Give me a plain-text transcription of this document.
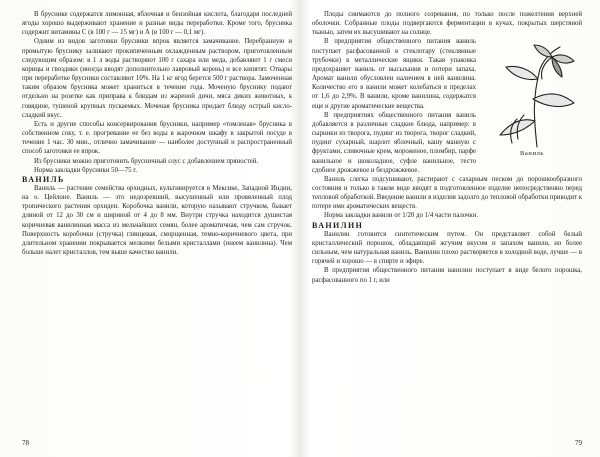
В бруснике содержатся лимонная, яблочная и бензойная кислота, благодаря последней ягоды хорошо выдерживают хранение и разные виды переработки. Кроме того, брусника содержит витамины С (в 100 г — 15 мг) и А (в 100 г — 0,1 мг).

Одним из видов заготовки брусники впрок является замачивание. Перебранную и промытую бруснику заливают прокипяченным охлажденным раствором, приготовленным следующим образом: в 1 л воды растворяют 100 г сахара или меда, добавляют 1 г смеси корицы и гвоздики (иногда вводят дополнительно лавровый корень) и все кипятят. Отвары при переработке брусники составляют 10%. На 1 кг ягод берется 500 г раствора. Замоченная таким образом брусника может храниться в течение года. Моченую бруснику подают отдельно на розетке как приправа к блюдам из жареной дичи, мяса диких животных, к говядине, тушеной крупных пускаемых. Моченая брусника придает блюду острый кисло-сладкий вкус.

Есть и другие способы консервирования брусники, например «томленая» брусника в собственном соку, т. е. прогревание ее без воды в жарочном шкафу в закрытой посуде в течение 1 час. 30 мин., отлично замачивание — наиболее доступный и распространенный способ заготовки ее впрок.

Из брусники можно приготовить брусничный соус с добавлением пряностей.

Норма закладки брусники 50—75 г.

ВАНИЛЬ

Ваниль — растение семейства орхидных, культивируется в Мексике, Западной Индии, на о. Цейлоне. Ваниль — это недозревший, высушенный или провяленный плод тропического растения орхидеи. Коробочка ванили, которую называют стручком, бывает длиной от 12 до 30 см и шириной от 4 до 8 мм. Внутри стручка находится душистая коричневая ванилинная масса из мельчайших семян, более ароматичная, чем сам стручок. Поверхность коробочки (стручка) глянцевая, сморщенная, темно-коричневого цвета, при длительном хранении покрывается мелкими белыми кристаллами (инеем ванилина). Чем больше налет кристаллов, тем выше качество ванили.

78

Плоды снимаются до полного созревания, по только после пожелтения верхней оболочки. Собранные плоды подвергаются ферментации в кучах, покрытых шерстяной тканью, затем их высушивают на солнце.

Ваниль

В предприятия общественного питания ваниль поступает расфасованной в стеклотару (стеклянные трубочки) в металлические ящики. Такая упаковка предохраняет ваниль от высыхания и потери запаха. Аромат ванили обусловлен наличием в ней ванилина. Количество его в ванили может колебаться в пределах от 1,6 до 2,9%. В ванили, кроме ванилина, содержатся еще и другие ароматические вещества.

В предприятиях общественного питания ваниль добавляется в различные сладкие блюда, например: в сырники из творога, пудинг из творога, творог сладкий, пудинг сухарный, шарлот яблочный, кашу манную с фруктами, сливочные крем, мороженое, пломбир, парфе ванильное и шоколадное, суфле ванильное, тесто сдобное дрожжевое и бездрожжевое.

Ваниль слегка подсушивают, растирают с сахарным песком до порошкообразного состояния и только в таком виде вводят в подготовленное изделие непосредственно перед тепловой обработкой. Введение ванили в изделия задолго до тепловой обработки приводит к потере ими ароматических веществ.

Норма закладки ванили от 1/20 до 1/4 части палочки.

ВАНИЛИН

Ванилин готовится синтетическим путем. Он представляет собой белый кристаллический порошок, обладающий жгучим вкусом и запахом ванили, но более сильным, чем натуральная ваниль. Ванилин плохо растворяется в холодной воде, лучше — в горячей и хорошо — в спирте и эфире.

В предприятия общественного питания ванилин поступает в виде белого порошка, расфасованного по 1 г, или

79
